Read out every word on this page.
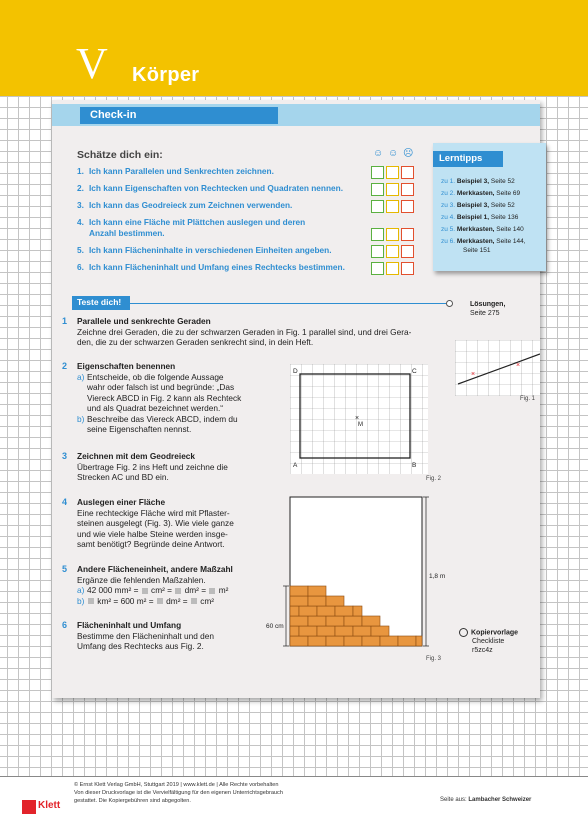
V Körper
Check-in
Schätze dich ein:	☺ ☺ ☹
1. Ich kann Parallelen und Senkrechten zeichnen.
2. Ich kann Eigenschaften von Rechtecken und Quadraten nennen.
3. Ich kann das Geodreieck zum Zeichnen verwenden.
4. Ich kann eine Fläche mit Plättchen auslegen und deren
Anzahl bestimmen.
5. Ich kann Flächeninhalte in verschiedenen Einheiten angeben.
6. Ich kann Flächeninhalt und Umfang eines Rechtecks bestimmen.
Lerntipps
zu 1. Beispiel 3, Seite 52
zu 2. Merkkasten, Seite 69
zu 3. Beispiel 3, Seite 52
zu 4. Beispiel 1, Seite 136
zu 5. Merkkasten, Seite 140
zu 6. Merkkasten, Seite 144,
Seite 151
Teste dich!	Lösungen,
Seite 275
1 Parallele und senkrechte Geraden
Zeichne drei Geraden, die zu der schwarzen Geraden in Fig. 1 parallel sind, und drei Gera-
den, die zu der schwarzen Geraden senkrecht sind, in dein Heft.
2 Eigenschaften benennen
a) Entscheide, ob die folgende Aussage
wahr oder falsch ist und begründe: „Das
Viereck ABCD in Fig. 2 kann als Rechteck
und als Quadrat bezeichnet werden.“
b) Beschreibe das Viereck ABCD, indem du
seine Eigenschaften nennst.
3 Zeichnen mit dem Geodreieck
Übertrage Fig. 2 ins Heft und zeichne die
Strecken AC und BD ein.
4 Auslegen einer Fläche
Eine rechteckige Fläche wird mit Pflaster-
steinen ausgelegt (Fig. 3). Wie viele ganze
und wie viele halbe Steine werden insge-
samt benötigt? Begründe deine Antwort.
5 Andere Flächeneinheit, andere Maßzahl
Ergänze die fehlenden Maßzahlen.
a) 42 000 mm² =  cm² =  dm² =  m²
b)	km² = 600 m² =  dm² =  cm²
6 Flächeninhalt und Umfang
Bestimme den Flächeninhalt und den
Umfang des Rechtecks aus Fig. 2.
×
×
Fig. 1
×
D	C
A	B
M
Fig. 2
1,8 m
60 cm
Fig. 3
Kopiervorlage
Checkliste
r5zc4z
Klett
© Ernst Klett Verlag GmbH, Stuttgart 2019 | www.klett.de | Alle Rechte vorbehalten
Von dieser Druckvorlage ist die Vervielfältigung für den eigenen Unterrichtsgebrauch
gestattet. Die Kopiergebühren sind abgegolten.	Seite aus: Lambacher Schweizer
